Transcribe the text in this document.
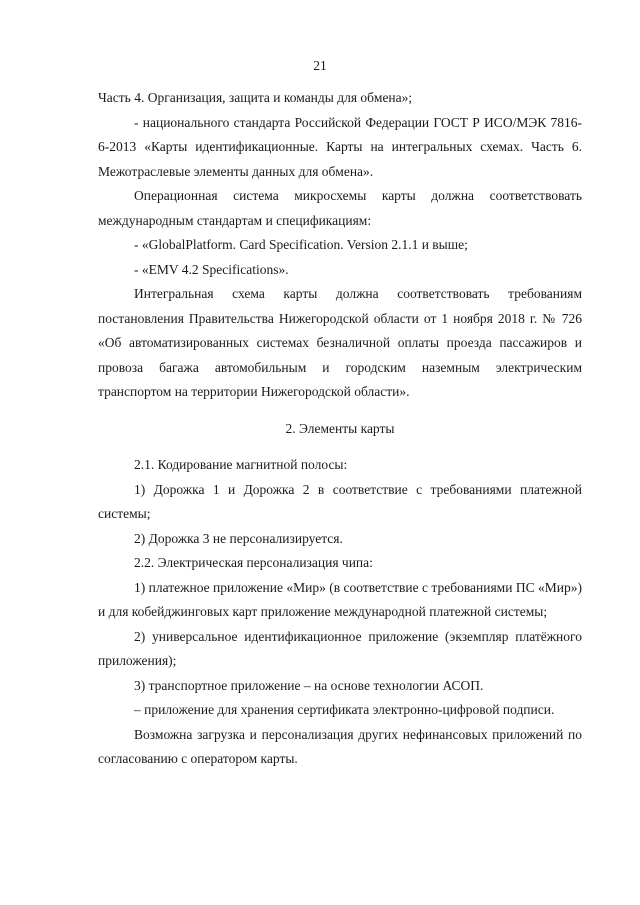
21

Часть 4. Организация, защита и команды для обмена»;

- национального стандарта Российской Федерации ГОСТ Р ИСО/МЭК 7816-6-2013 «Карты идентификационные. Карты на интегральных схемах. Часть 6. Межотраслевые элементы данных для обмена».

Операционная система микросхемы карты должна соответствовать международным стандартам и спецификациям:

- «GlobalPlatform. Card Specification. Version 2.1.1 и выше;

- «EMV 4.2 Specifications».

Интегральная схема карты должна соответствовать требованиям постановления Правительства Нижегородской области от 1 ноября 2018 г. № 726 «Об автоматизированных системах безналичной оплаты проезда пассажиров и провоза багажа автомобильным и городским наземным электрическим транспортом на территории Нижегородской области».

2. Элементы карты

2.1. Кодирование магнитной полосы:

1) Дорожка 1 и Дорожка 2 в соответствие с требованиями платежной системы;

2) Дорожка 3 не персонализируется.

2.2. Электрическая персонализация чипа:

1) платежное приложение «Мир» (в соответствие с требованиями ПС «Мир») и для кобейджинговых карт приложение международной платежной системы;

2) универсальное идентификационное приложение (экземпляр платёжного приложения);

3) транспортное приложение – на основе технологии АСОП.

– приложение для хранения сертификата электронно-цифровой подписи.

Возможна загрузка и персонализация других нефинансовых приложений по согласованию с оператором карты.
